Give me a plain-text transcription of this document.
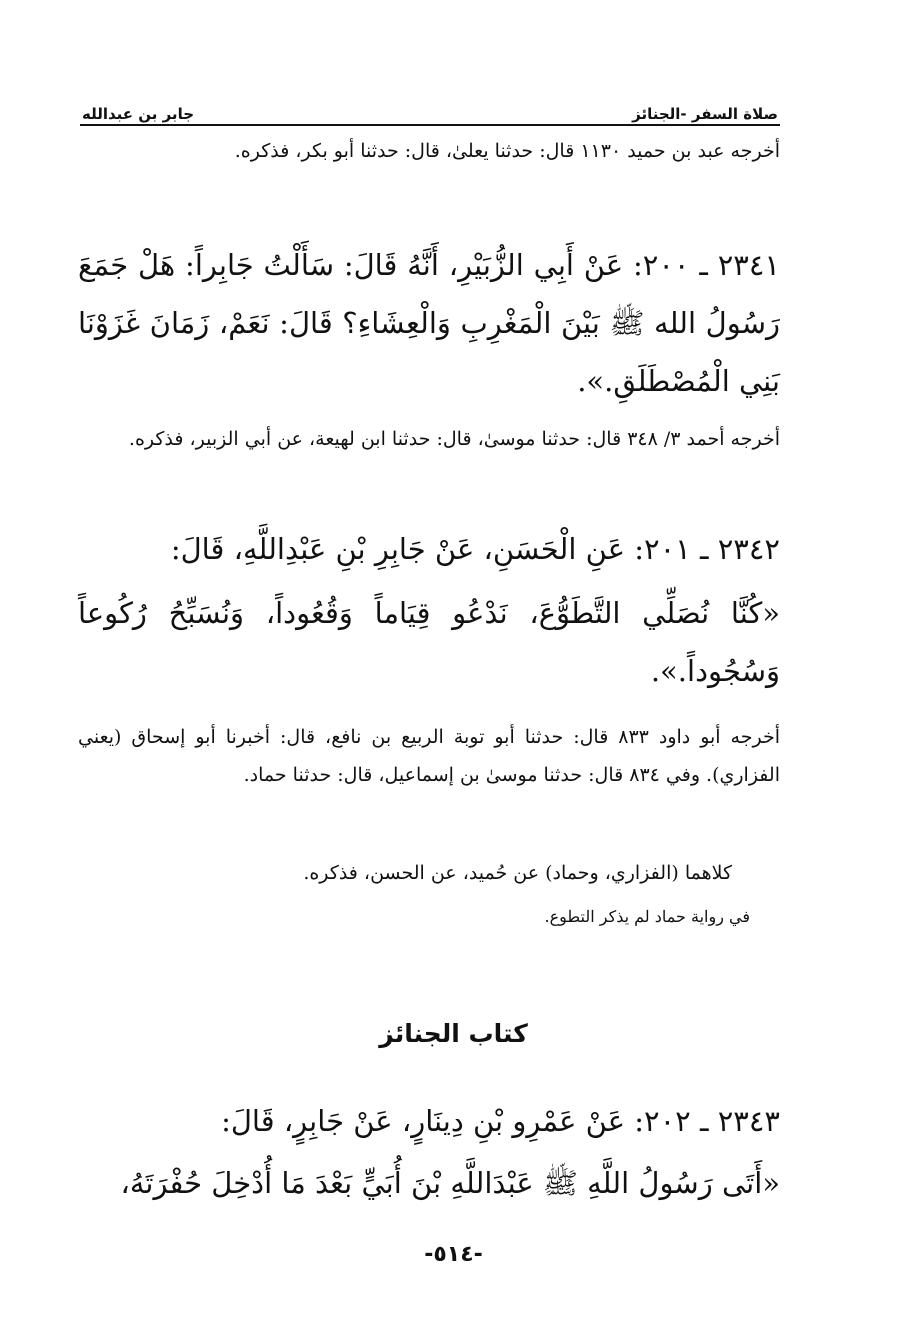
صلاة السفر -الجنائز
جابر بن عبدالله
أخرجه عبد بن حميد ١١٣٠ قال: حدثنا يعلىٰ، قال: حدثنا أبو بكر، فذكره.
٢٣٤١ ـ ٢٠٠: عَنْ أَبِي الزُّبَيْرِ، أَنَّهُ قَالَ: سَأَلْتُ جَابِراً: هَلْ جَمَعَ رَسُولُ الله ﷺ بَيْنَ الْمَغْرِبِ وَالْعِشَاءِ؟ قَالَ: نَعَمْ، زَمَانَ غَزَوْنَا بَنِي الْمُصْطَلَقِ.».
أخرجه أحمد ٣/ ٣٤٨ قال: حدثنا موسىٰ، قال: حدثنا ابن لهيعة، عن أبي الزبير، فذكره.
٢٣٤٢ ـ ٢٠١: عَنِ الْحَسَنِ، عَنْ جَابِرِ بْنِ عَبْدِاللَّهِ، قَالَ:
«كُنَّا نُصَلِّي التَّطَوُّعَ، نَدْعُو قِيَاماً وَقُعُوداً، وَنُسَبِّحُ رُكُوعاً وَسُجُوداً.».
أخرجه أبو داود ٨٣٣ قال: حدثنا أبو توبة الربيع بن نافع، قال: أخبرنا أبو إسحاق (يعني الفزاري). وفي ٨٣٤ قال: حدثنا موسىٰ بن إسماعيل، قال: حدثنا حماد.
كلاهما (الفزاري، وحماد) عن حُميد، عن الحسن، فذكره.
في رواية حماد لم يذكر التطوع.
كتاب الجنائز
٢٣٤٣ ـ ٢٠٢: عَنْ عَمْرِو بْنِ دِينَارٍ، عَنْ جَابِرٍ، قَالَ:
«أَتَى رَسُولُ اللَّهِ ﷺ عَبْدَاللَّهِ بْنَ أُبَيٍّ بَعْدَ مَا أُدْخِلَ حُفْرَتَهُ،
-٥١٤-
